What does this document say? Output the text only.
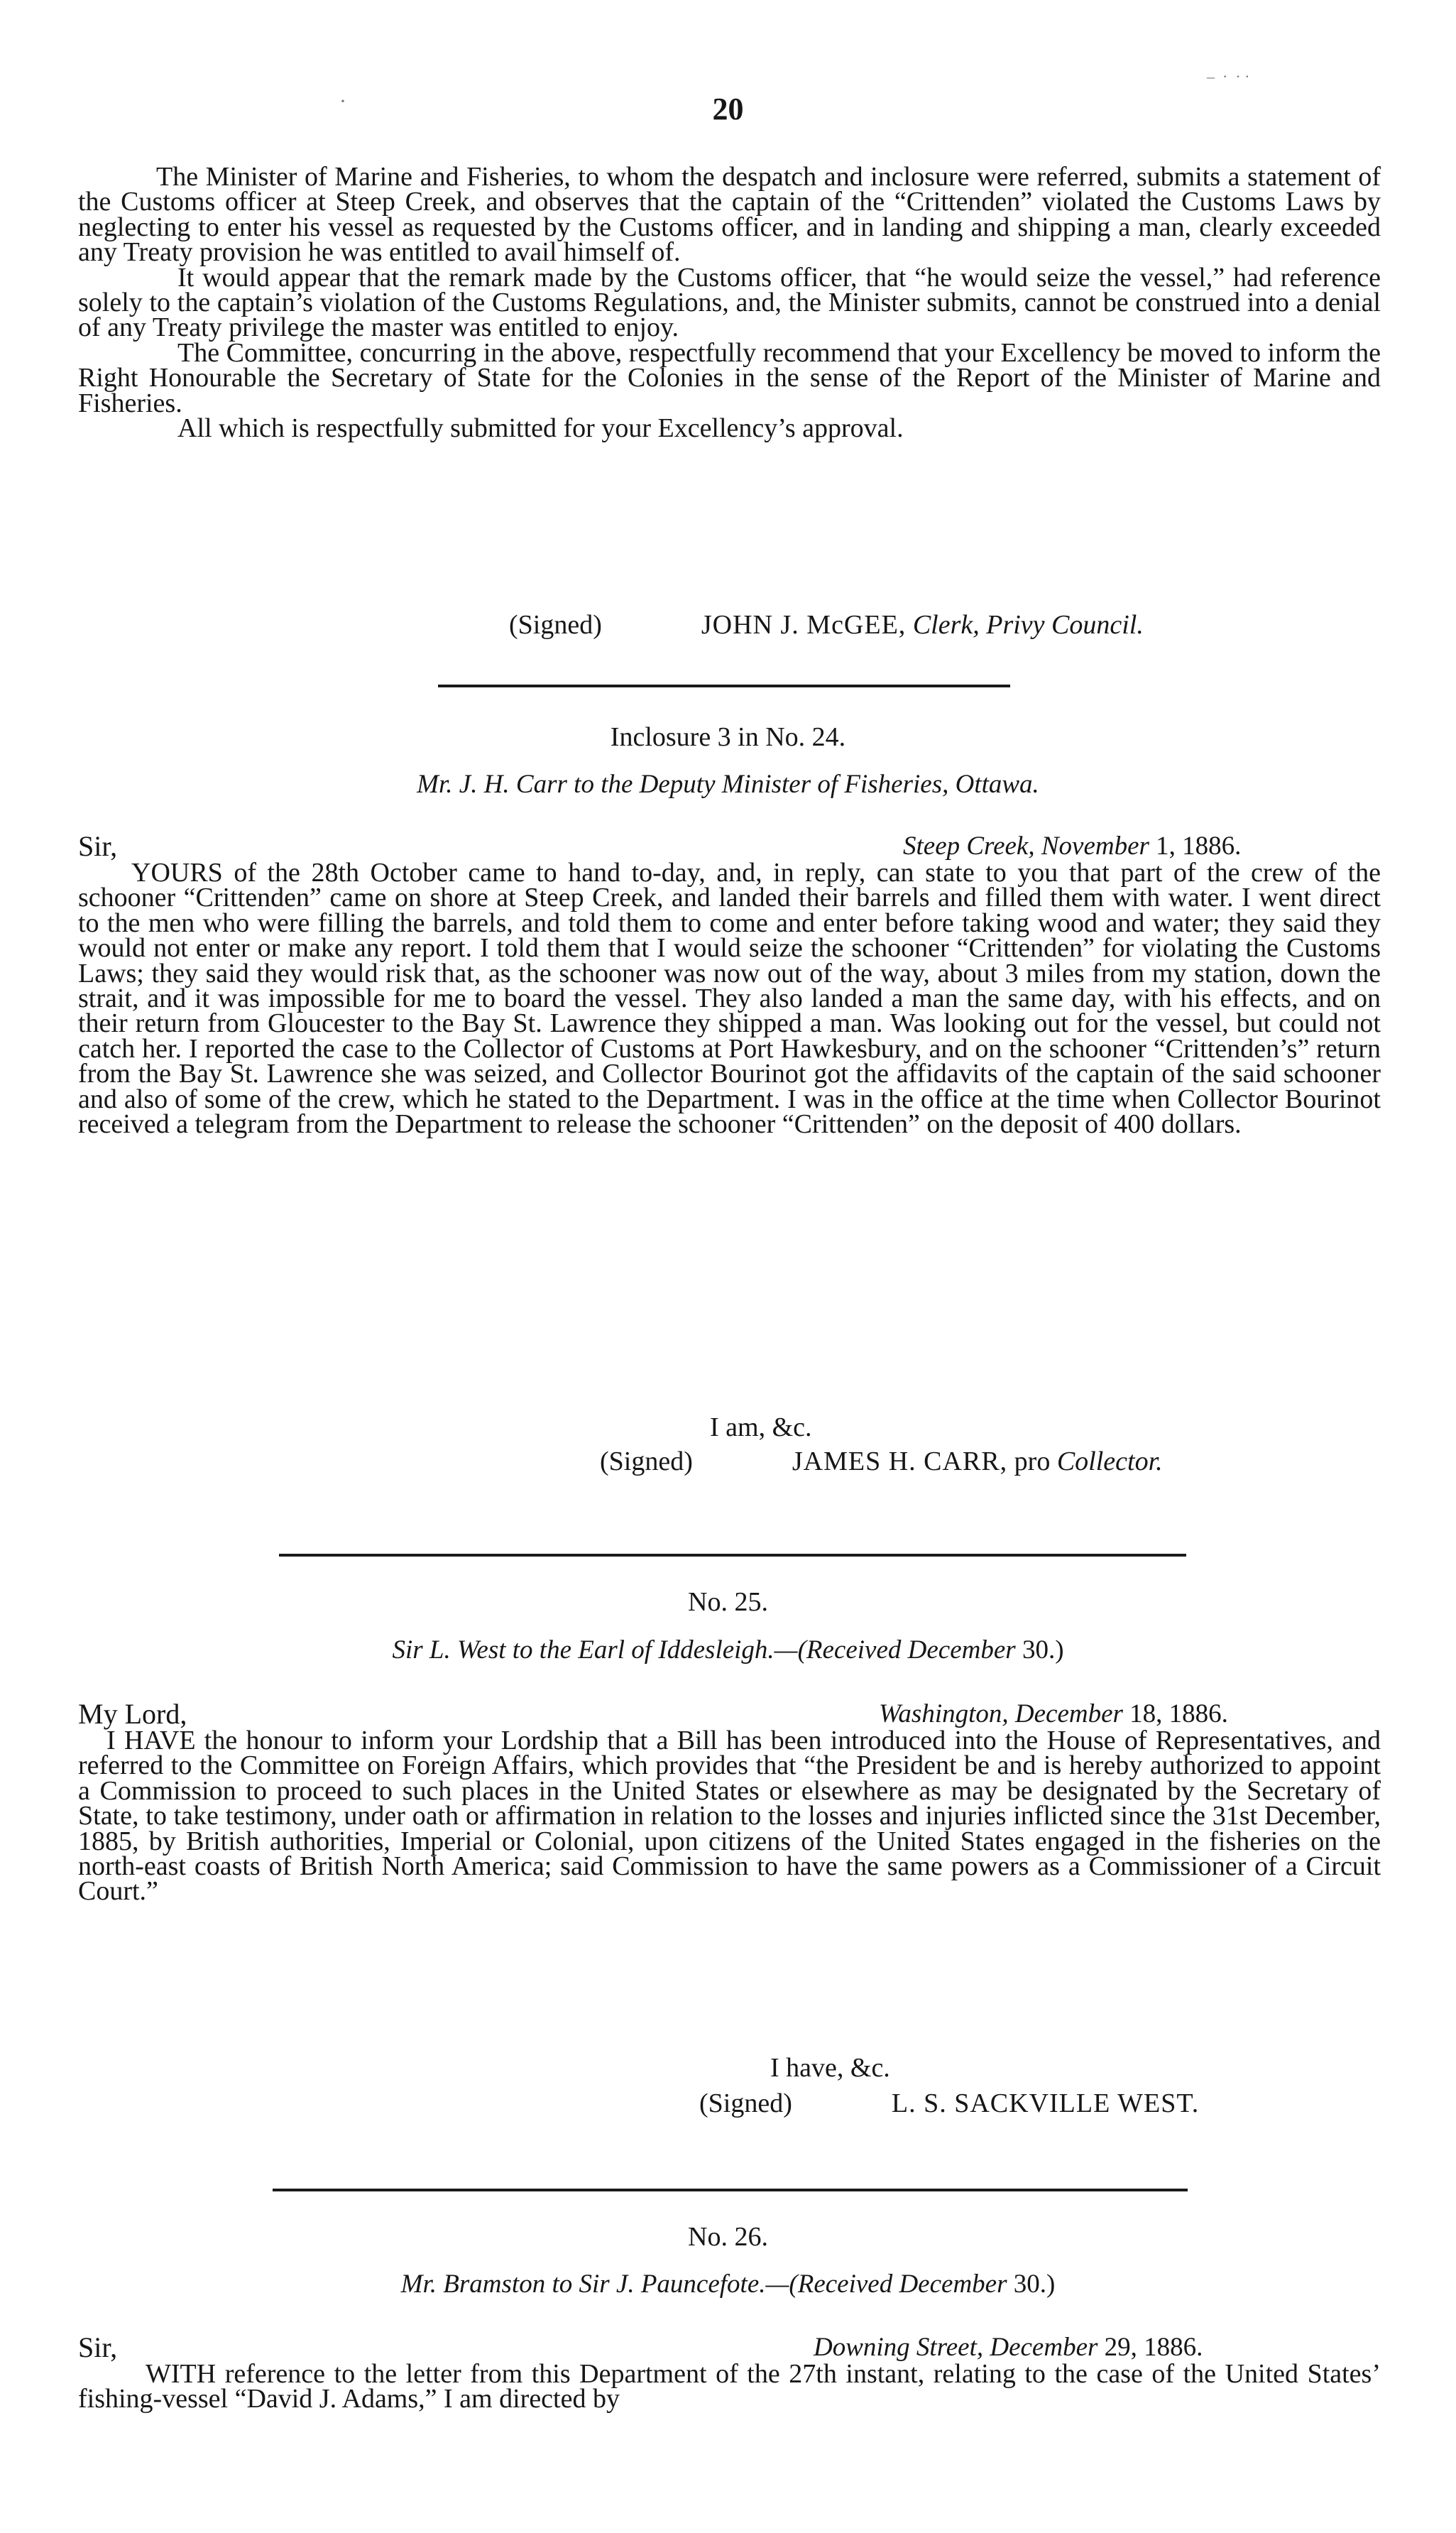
20
·
‒  ·  · ·

The Minister of Marine and Fisheries, to whom the despatch and inclosure were referred, submits a statement of the Customs officer at Steep Creek, and observes that the captain of the “Crittenden” violated the Customs Laws by neglecting to enter his vessel as requested by the Customs officer, and in landing and shipping a man, clearly exceeded any Treaty provision he was entitled to avail himself of.

It would appear that the remark made by the Customs officer, that “he would seize the vessel,” had reference solely to the captain’s violation of the Customs Regulations, and, the Minister submits, cannot be construed into a denial of any Treaty privilege the master was entitled to enjoy.

The Committee, concurring in the above, respectfully recommend that your Excellency be moved to inform the Right Honourable the Secretary of State for the Colonies in the sense of the Report of the Minister of Marine and Fisheries.

All which is respectfully submitted for your Excellency’s approval.

(Signed)	JOHN J. McGEE, Clerk, Privy Council.
Inclosure 3 in No. 24.
Mr. J. H. Carr to the Deputy Minister of Fisheries, Ottawa.
Sir,	Steep Creek, November 1, 1886.

YOURS of the 28th October came to hand to-day, and, in reply, can state to you that part of the crew of the schooner “Crittenden” came on shore at Steep Creek, and landed their barrels and filled them with water. I went direct to the men who were filling the barrels, and told them to come and enter before taking wood and water; they said they would not enter or make any report. I told them that I would seize the schooner “Crittenden” for violating the Customs Laws; they said they would risk that, as the schooner was now out of the way, about 3 miles from my station, down the strait, and it was impossible for me to board the vessel. They also landed a man the same day, with his effects, and on their return from Gloucester to the Bay St. Lawrence they shipped a man. Was looking out for the vessel, but could not catch her. I reported the case to the Collector of Customs at Port Hawkesbury, and on the schooner “Crittenden’s” return from the Bay St. Lawrence she was seized, and Collector Bourinot got the affidavits of the captain of the said schooner and also of some of the crew, which he stated to the Department. I was in the office at the time when Collector Bourinot received a telegram from the Department to release the schooner “Crittenden” on the deposit of 400 dollars.

I am, &c.
(Signed)	JAMES H. CARR, pro Collector.
No. 25.
Sir L. West to the Earl of Iddesleigh.—(Received December 30.)
My Lord,	Washington, December 18, 1886.

I HAVE the honour to inform your Lordship that a Bill has been introduced into the House of Representatives, and referred to the Committee on Foreign Affairs, which provides that “the President be and is hereby authorized to appoint a Commission to proceed to such places in the United States or elsewhere as may be designated by the Secretary of State, to take testimony, under oath or affirmation in relation to the losses and injuries inflicted since the 31st December, 1885, by British authorities, Imperial or Colonial, upon citizens of the United States engaged in the fisheries on the north-east coasts of British North America; said Commission to have the same powers as a Commissioner of a Circuit Court.”

I have, &c.
(Signed)	L. S. SACKVILLE WEST.
No. 26.
Mr. Bramston to Sir J. Pauncefote.—(Received December 30.)
Sir,	Downing Street, December 29, 1886.

WITH reference to the letter from this Department of the 27th instant, relating to the case of the United States’ fishing-vessel “David J. Adams,” I am directed by
